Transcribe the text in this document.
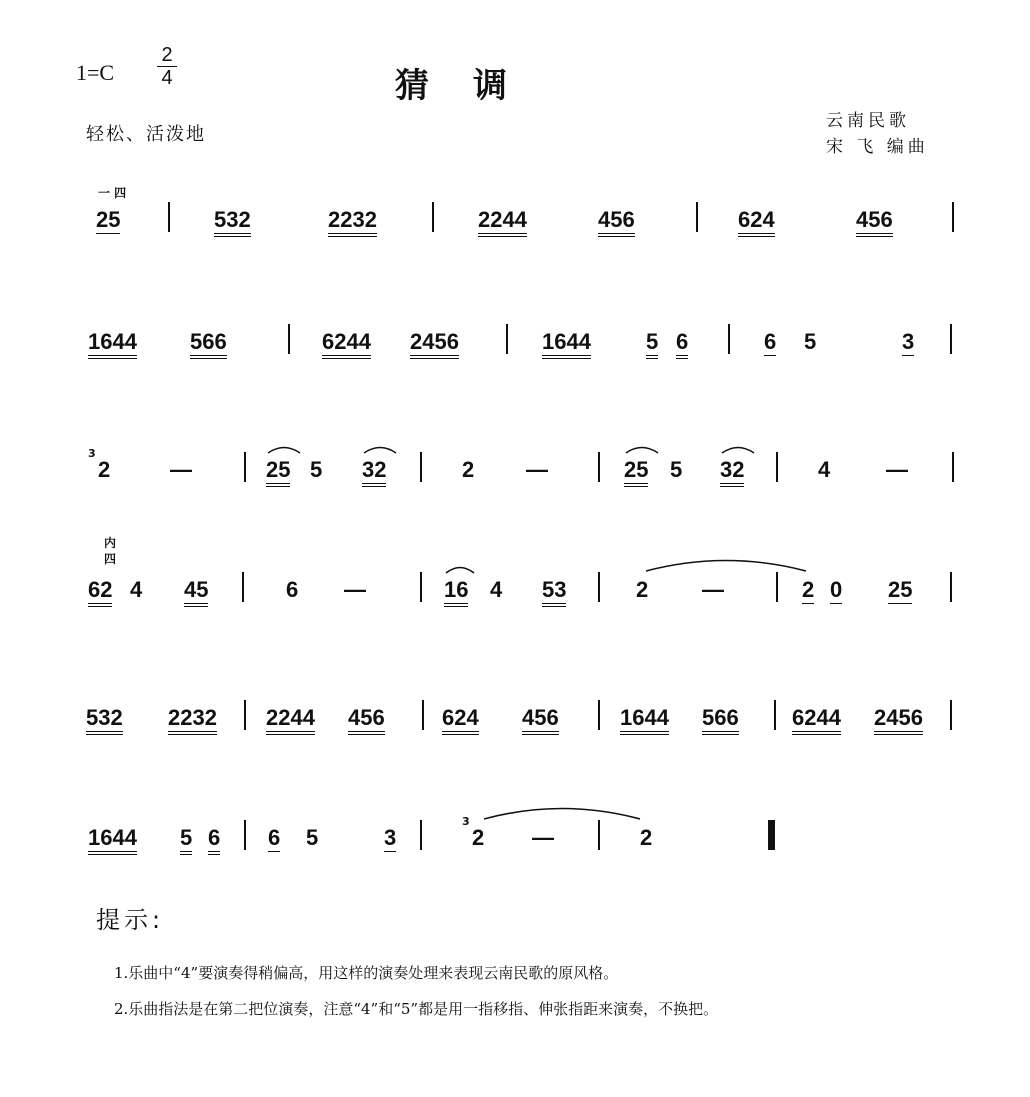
$1=C \frac{2}{4}$	猜调
轻松、活泼地
云南民歌
宋 飞 编曲
一 四
25	532	2232	2244	456	624	456
1644 566	6244 2456	1644	5 6	6 5	3
3
2	—	25 5 32	2 —	25 5 32	4	—
内
四
62 4 45	6 —	16 4 53	2 —	2 0 25
532 2232 2244 456	624 456	1644 566 6244 2456
1644 5 6 6 5	3
3
2 —	2
提示:
1.乐曲中“4”要演奏得稍偏高，用这样的演奏处理来表现云南民歌的原风格。
2.乐曲指法是在第二把位演奏，注意“4”和“5”都是用一指移指、伸张指距来演奏，不换把。
